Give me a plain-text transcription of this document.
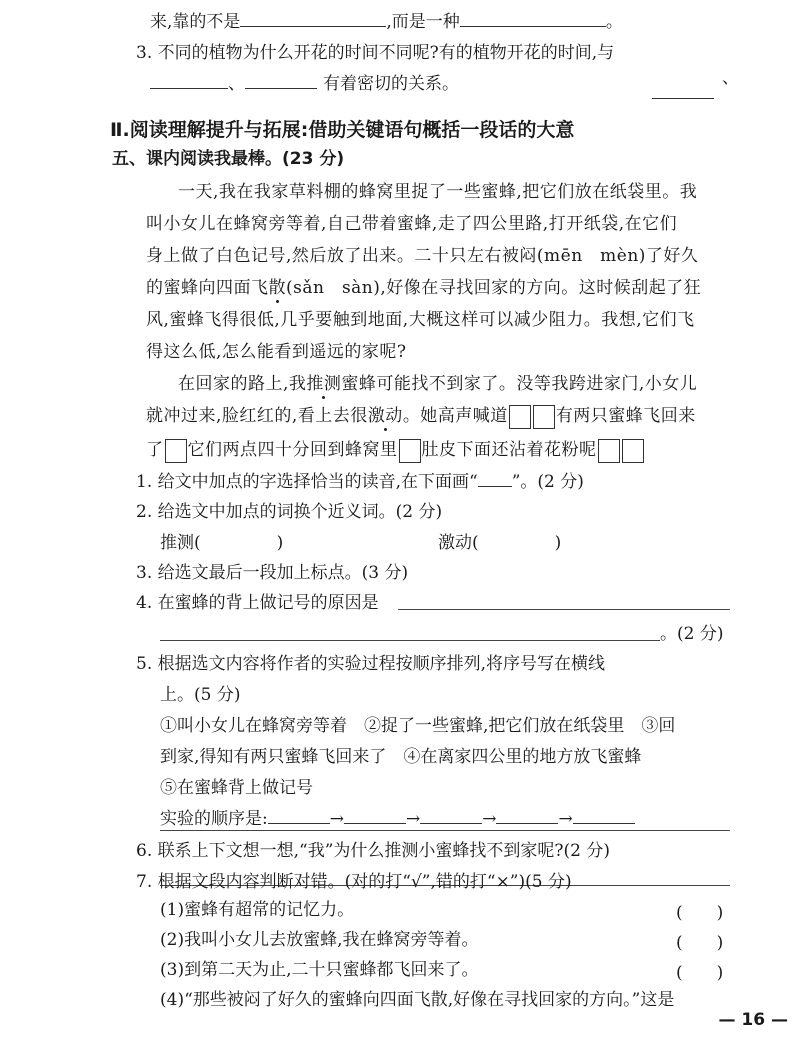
来,靠的不是	,而是一种	。
3. 不同的植物为什么开花的时间不同呢?有的植物开花的时间,与
、	有着密切的关系。	、
Ⅱ.阅读理解提升与拓展:借助关键语句概括一段话的大意
五、课内阅读我最棒。(23 分)
一天,我在我家草料棚的蜂窝里捉了一些蜜蜂,把它们放在纸袋里。我
叫小女儿在蜂窝旁等着,自己带着蜜蜂,走了四公里路,打开纸袋,在它们
身上做了白色记号,然后放了出来。二十只左右被闷(mēn　mèn)了好久
的蜜蜂向四面飞散(sǎn　sàn),好像在寻找回家的方向。这时候刮起了狂
风,蜜蜂飞得很低,几乎要触到地面,大概这样可以减少阻力。我想,它们飞
得这么低,怎么能看到遥远的家呢?
在回家的路上,我推测蜜蜂可能找不到家了。没等我跨进家门,小女儿
就冲过来,脸红红的,看上去很激动。她高声喊道	有两只蜜蜂飞回来
了 它们两点四十分回到蜂窝里 肚皮下面还沾着花粉呢
1. 给文中加点的字选择恰当的读音,在下面画“ ”。(2 分)
2. 给选文中加点的词换个近义词。(2 分)
推测(	)	激动(	)
3. 给选文最后一段加上标点。(3 分)
4. 在蜜蜂的背上做记号的原因是
。(2 分)
5. 根据选文内容将作者的实验过程按顺序排列,将序号写在横线
上。(5 分)
①叫小女儿在蜂窝旁等着　②捉了一些蜜蜂,把它们放在纸袋里　③回
到家,得知有两只蜜蜂飞回来了　④在离家四公里的地方放飞蜜蜂
⑤在蜜蜂背上做记号
实验的顺序是:	→	→	→	→
6. 联系上下文想一想,“我”为什么推测小蜜蜂找不到家呢?(2 分)
7. 根据文段内容判断对错。(对的打“√”,错的打“×”)(5 分)
(1)蜜蜂有超常的记忆力。	(　　)
(2)我叫小女儿去放蜜蜂,我在蜂窝旁等着。	(　　)
(3)到第二天为止,二十只蜜蜂都飞回来了。
— 16 —
(4)“那些被闷了好久的蜜蜂向四面飞散,好像在寻找回家的方向。”这是
(　　)
